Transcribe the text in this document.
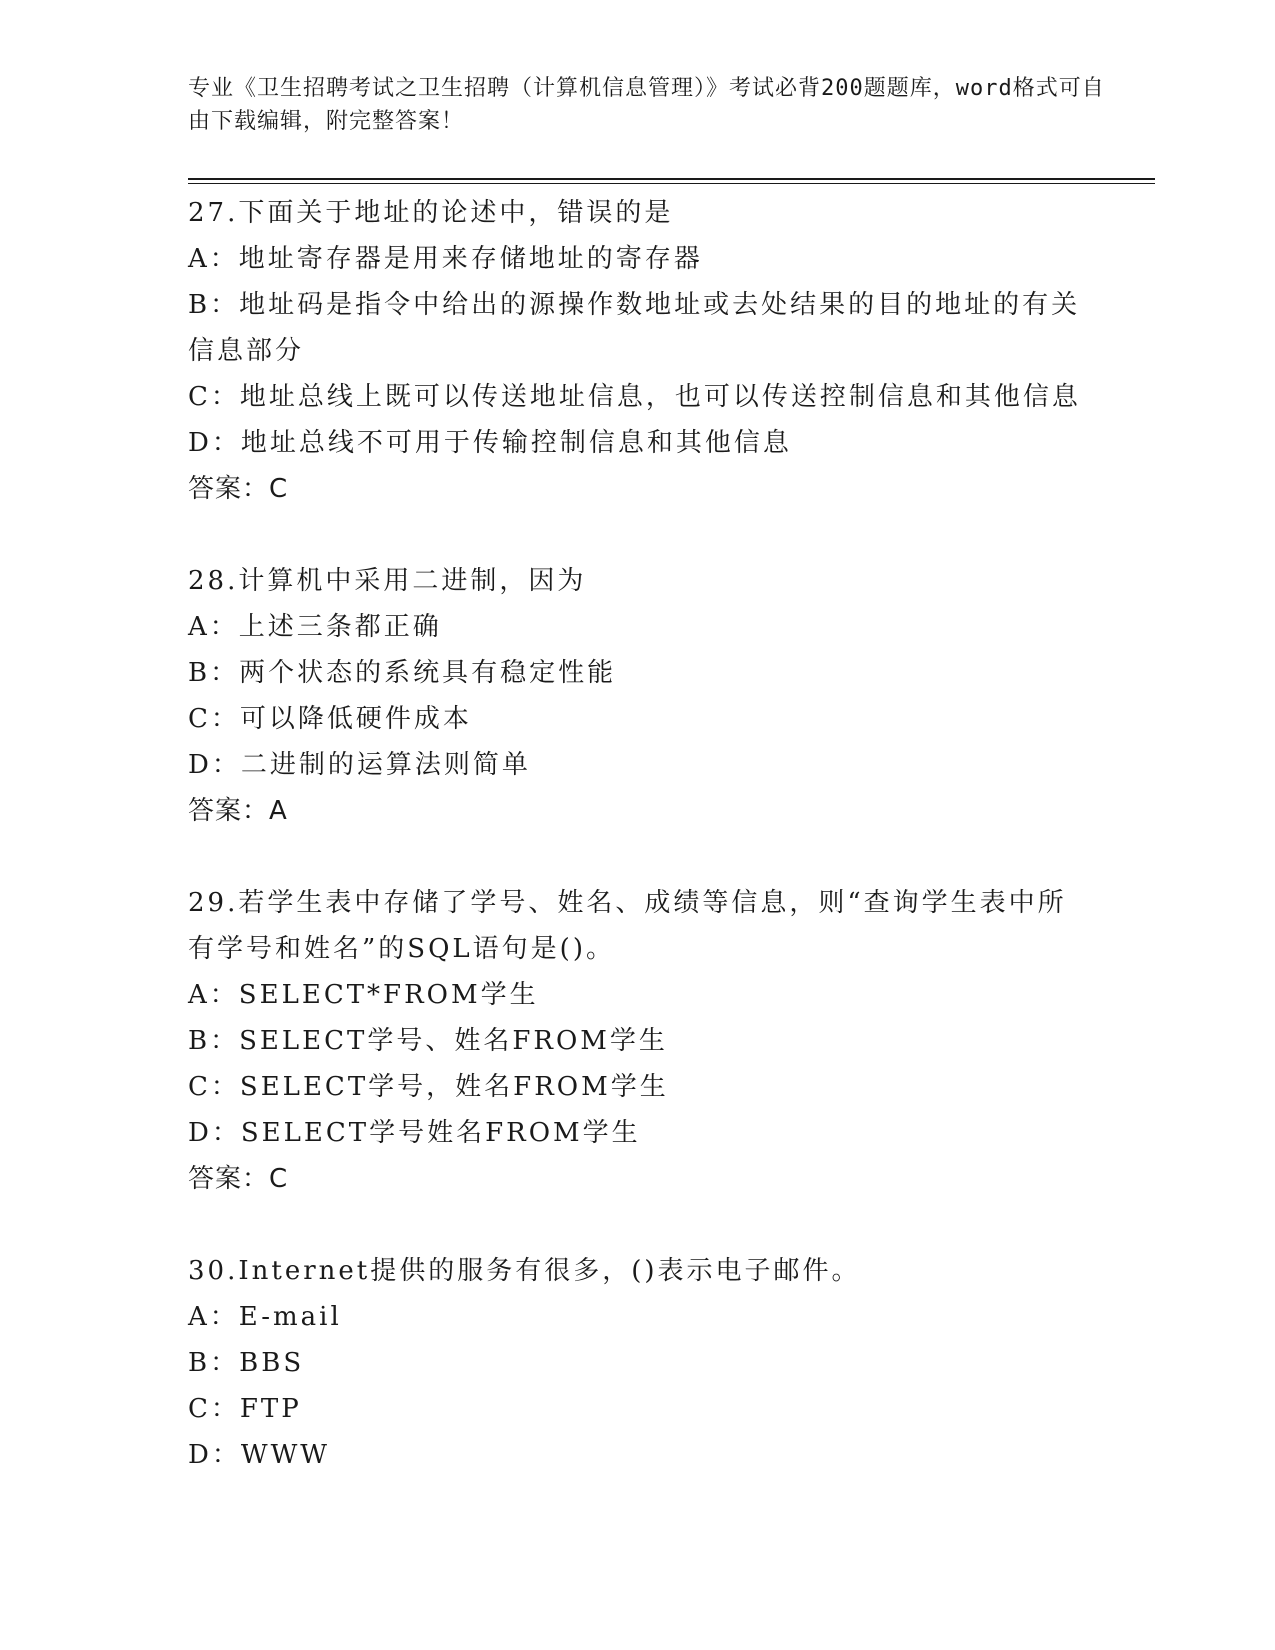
专业《卫生招聘考试之卫生招聘（计算机信息管理）》考试必背200题题库，word格式可自由下载编辑，附完整答案！
27.下面关于地址的论述中，错误的是
A：地址寄存器是用来存储地址的寄存器
B：地址码是指令中给出的源操作数地址或去处结果的目的地址的有关信息部分
C：地址总线上既可以传送地址信息，也可以传送控制信息和其他信息
D：地址总线不可用于传输控制信息和其他信息
答案：C
28.计算机中采用二进制，因为
A：上述三条都正确
B：两个状态的系统具有稳定性能
C：可以降低硬件成本
D：二进制的运算法则简单
答案：A
29.若学生表中存储了学号、姓名、成绩等信息，则“查询学生表中所有学号和姓名”的SQL语句是()。
A：SELECT*FROM学生
B：SELECT学号、姓名FROM学生
C：SELECT学号，姓名FROM学生
D：SELECT学号姓名FROM学生
答案：C
30.Internet提供的服务有很多，()表示电子邮件。
A：E-mail
B：BBS
C：FTP
D：WWW
